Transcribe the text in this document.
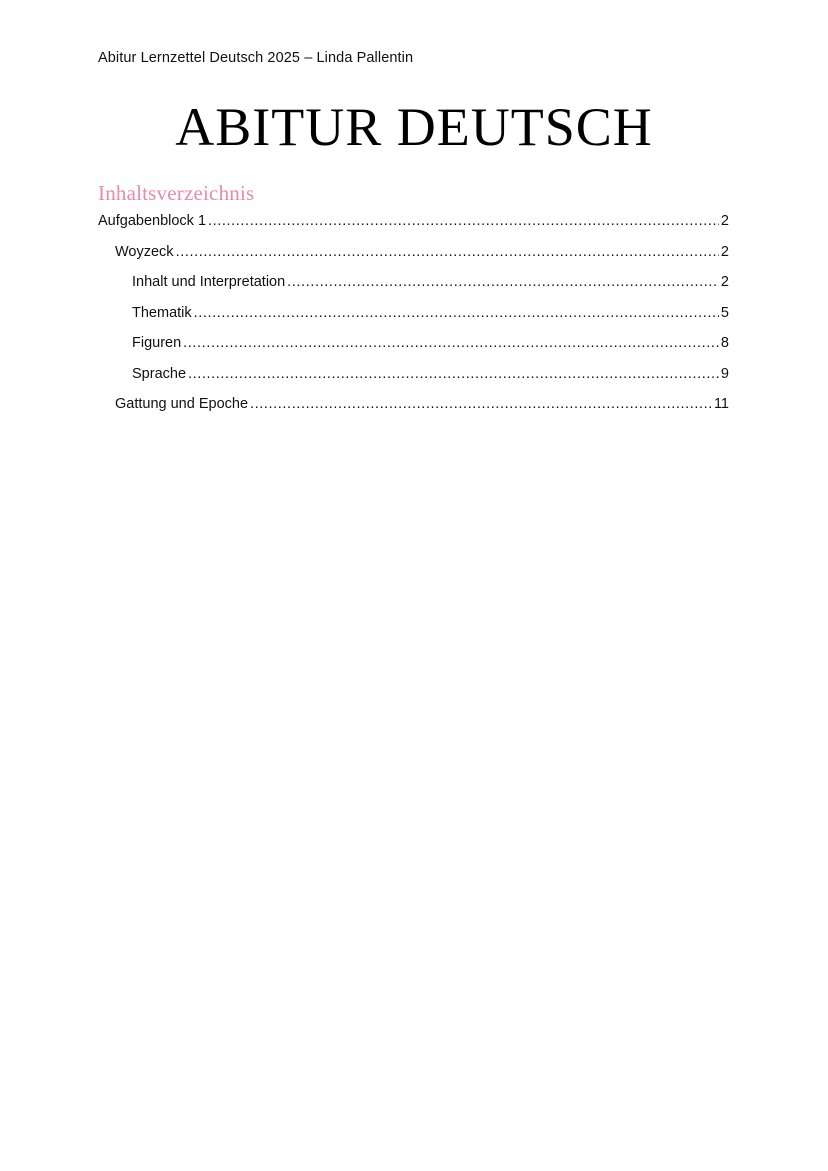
Abitur Lernzettel Deutsch 2025 – Linda Pallentin
ABITUR DEUTSCH
Inhaltsverzeichnis
Aufgabenblock 1 .....	2
Woyzeck .....	2
Inhalt und Interpretation .....	2
Thematik .....	5
Figuren .....	8
Sprache .....	9
Gattung und Epoche .....	11
